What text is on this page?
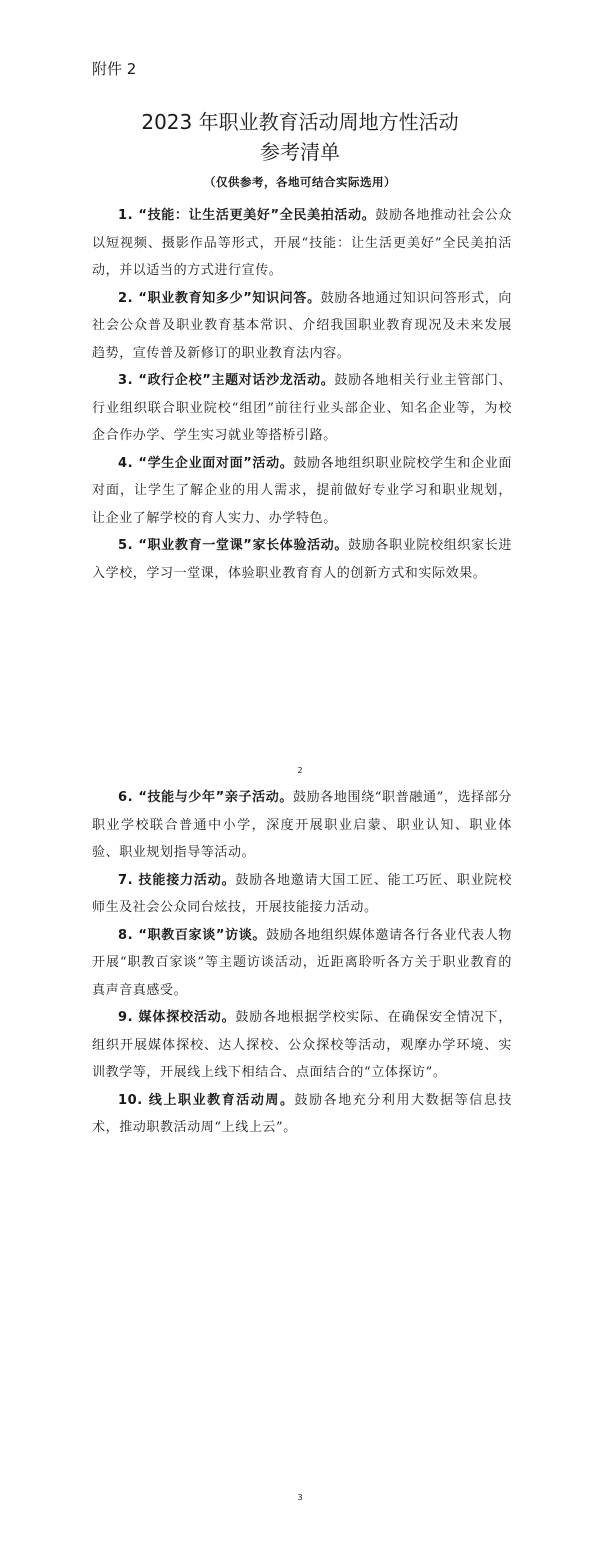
附件 2
2023 年职业教育活动周地方性活动
参考清单
（仅供参考，各地可结合实际选用）

1. “技能：让生活更美好”全民美拍活动。鼓励各地推动社会公众以短视频、摄影作品等形式，开展“技能：让生活更美好”全民美拍活动，并以适当的方式进行宣传。

2. “职业教育知多少”知识问答。鼓励各地通过知识问答形式，向社会公众普及职业教育基本常识、介绍我国职业教育现况及未来发展趋势，宣传普及新修订的职业教育法内容。

3. “政行企校”主题对话沙龙活动。鼓励各地相关行业主管部门、行业组织联合职业院校“组团”前往行业头部企业、知名企业等，为校企合作办学、学生实习就业等搭桥引路。

4. “学生企业面对面”活动。鼓励各地组织职业院校学生和企业面对面，让学生了解企业的用人需求，提前做好专业学习和职业规划，让企业了解学校的育人实力、办学特色。

5. “职业教育一堂课”家长体验活动。鼓励各职业院校组织家长进入学校，学习一堂课，体验职业教育育人的创新方式和实际效果。

2

6. “技能与少年”亲子活动。鼓励各地围绕“职普融通”，选择部分职业学校联合普通中小学，深度开展职业启蒙、职业认知、职业体验、职业规划指导等活动。

7. 技能接力活动。鼓励各地邀请大国工匠、能工巧匠、职业院校师生及社会公众同台炫技，开展技能接力活动。

8. “职教百家谈”访谈。鼓励各地组织媒体邀请各行各业代表人物开展“职教百家谈”等主题访谈活动，近距离聆听各方关于职业教育的真声音真感受。

9. 媒体探校活动。鼓励各地根据学校实际、在确保安全情况下，组织开展媒体探校、达人探校、公众探校等活动，观摩办学环境、实训教学等，开展线上线下相结合、点面结合的“立体探访”。

10. 线上职业教育活动周。鼓励各地充分利用大数据等信息技术，推动职教活动周“上线上云”。

3
